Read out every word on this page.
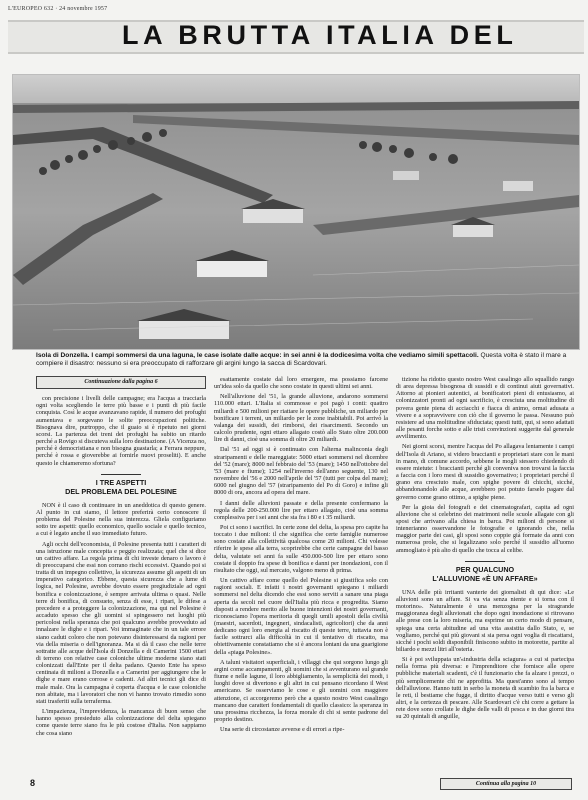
L'EUROPEO 632 · 24 novembre 1957
LA BRUTTA ITALIA DEL
Isola di Donzella. I campi sommersi da una laguna, le case isolate dalle acque: in sei anni è la dodicesima volta che vediamo simili spettacoli. Questa volta è stato il mare a compiere il disastro: nessuno si era preoccupato di rafforzare gli argini lungo la sacca di Scardovari.
Continuazione dalla pagina 6

con precisione i livelli delle campagne; era l'acqua a tracciarla ogni volta scegliendo le terre più basse e i punti di più facile conquista. Così le acque avanzavano rapide, il numero dei profughi aumentava e sorgevano le solite preoccupazioni politiche. Bisognava dire, purtroppo, che il guaio si è ripetuto nei giorni scorsi. La partenza dei treni dei profughi ha subito un ritardo perché a Rovigo si discuteva sulla loro destinazione. (A Vicenza no, perché è democristiana e non bisogna guastarla; a Ferrara neppure, perché è rossa e gioverebbe ai fornirle nuovi proseliti). E anche questo le chiameremo sfortuna?

I TRE ASPETTI
DEL PROBLEMA DEL POLESINE

NON è il caso di continuare in un aneddotica di questo genere. Al punto in cui siamo, il lettore preferirà certo conoscere il problema del Polesine nella sua interezza. Gliela configuriamo sotto tre aspetti: quello economico, quello sociale e quello tecnico, a cui è legato anche il suo immediato futuro.

Agli occhi dell'economista, il Polesine presenta tutti i caratteri di una istruzione male concepita e peggio realizzata; quel che si dice un cattivo affare. La regola prima di chi investe denaro o lavoro è di preoccuparsi che essi non corrano rischi eccessivi. Quando poi si tratta di un impegno collettivo, la sicurezza assume gli aspetti di un imperativo categorico. Ebbene, questa sicurezza che a lume di logica, nel Polesine, avrebbe dovuto essere pregiudiziale ad ogni bonifica e colonizzazione, è sempre arrivata ultima o quasi. Nelle terre di bonifica, di consueto, senza di esse, i ripari, le difese a precedere e a proteggere la colonizzazione, ma qui nel Polesine è accaduto spesso che gli uomini si spingessero nei luoghi più pericolosi nella speranza che poi qualcuno avrebbe provveduto ad innalzare le dighe e i ripari. Voi immaginate che in un tale errore siano caduti coloro che non potevano disinteressarsi da ragioni per via della miseria o dell'ignoranza. Ma si dà il caso che nelle terre sottratte alle acque dell'Isola di Donzella e di Camerini 1500 ettari di terreno con relative case coloniche ultime moderne siano stati colonizzati dall'Ente per il delta padano. Questo Ente ha speso centinaia di milioni a Donzella e a Camerini per aggiungere che le dighe e mare erano corrose e cadenti. Ad altri tecnici gli dice di male male. Ora la campagna è coperta d'acqua e le case coloniche non abitate, ma i lavoratori che non vi hanno trovato rimedio sono stati trasferiti sulla terraferma.

L'impazienza, l'imprevidenza, la mancanza di buon senso che hanno spesso presieduto alla colonizzazione del delta spiegano come queste terre siano fra le più costose d'Italia. Non sappiamo che cosa siano

esattamente costate dal loro emergere, ma possiamo farcene un'idea solo da quello che sono costate in questi ultimi sei anni.

Nell'alluvione del '51, la grande alluvione, andarono sommersi 110.000 ettari. L'Italia si commosse e poi pagò i conti: quattro miliardi e 500 milioni per riattare le opere pubbliche, un miliardo per bonificare i terreni, un miliardo per le zone inabitabili. Poi arrivò la valanga dei sussidi, dei rimborsi, dei risarcimenti. Secondo un calcolo prudente, ogni ettaro allagato costò allo Stato oltre 200.000 lire di danni, cioè una somma di oltre 20 miliardi.

Dal '51 ad oggi si è continuato con l'alterna malinconia degli straripamenti e delle mareggiate: 5000 ettari sommersi nel dicembre del '52 (mare); 8000 nel febbraio del '53 (mare); 1450 nell'ottobre del '53 (mare e fiume); 1254 nell'inverno dell'anno seguente, 130 nel novembre del '56 e 2000 nell'aprile del '57 (tutti per colpa del mare); 6000 nel giugno del '57 (straripamento del Po di Goro) e infine gli 8000 di ora, ancora ad opera del mare.

I danni delle alluvioni passate e della presente confermano la regola delle 200-250.000 lire per ettaro allagato, cioè una somma complessiva per i sei anni che sta fra i 80 e i 35 miliardi.

Poi ci sono i sacrifici. In certe zone del delta, la spesa pro capite ha toccato i due milioni: il che significa che certe famiglie numerose sono costate alla collettività qualcosa come 20 milioni. Chi volesse riferire le spese alla terra, scoprirebbe che certe campagne del basso delta, valutate sei anni fa sulle 450.000-500 lire per ettaro sono costate il doppio fra spese di bonifica e danni per inondazioni, con il risultato che oggi, sul mercato, valgono meno di prima.

Un cattivo affare come quello del Polesine si giustifica solo con ragioni sociali. E infatti i nostri governanti spiegano i miliardi sommersi nel delta dicendo che essi sono serviti a sanare una piaga aperta da secoli nel cuore dell'Italia più ricca e progredita. Siamo disposti a rendere merito alle buone intenzioni dei nostri governanti, riconosciamo l'opera meritoria di quegli umili apostoli della civiltà (maestri, sacerdoti, ingegneri, sindacalisti, agricoltori) che da anni dedicano ogni loro energia al riscatto di queste terre, tuttavia non è facile sottrarci alla difficoltà in cui il tentativo di riscatto, ma obiettivamente constatiamo che si è ancora lontani da una guarigione della «piaga Polesine».

A taluni visitatori superficiali, i villaggi che qui sorgono lungo gli argini come accampamenti, gli uomini che si avventurano sul grande fiume e nelle lagune, il loro abbigliamento, la semplicità dei modi, i luoghi dove si divertono e gli altri in cui pensano ricordano il West americano. Se osserviamo le cose e gli uomini con maggiore attenzione, ci accorgeremo però che a questo nostro West casalingo mancano due caratteri fondamentali di quello classico: la speranza in una prossima ricchezza, la forza morale di chi si sente padrone del proprio destino.

Una serie di circostanze avverse e di errori a ripe-

tizione ha ridotto questo nostro West casalingo allo squallido rango di area depressa bisognosa di sussidi e di continui aiuti governativi. Attorno ai pionieri autentici, ai bonificatori pieni di entusiasmo, ai colonizzatori pronti ad ogni sacrificio, è cresciuta una moltitudine di povera gente piena di acciacchi e fiacca di animo, ormai adusata a vivere e a sopravvivere con ciò che il governo le passa. Nessuno può resistere ad una moltitudine sfiduciata; questi tutti, qui, si sono adattati alle pesanti forche sotto e alle tristi convinzioni suggerite dal generale avvilimento.

Nei giorni scorsi, mentre l'acqua del Po allagava lentamente i campi dell'Isola di Ariano, si videro braccianti e proprietari stare con le mani in mano, di comune accordo, sebbene le mogli stessero chiedendo di essere mietute: i braccianti perché gli conveniva non trovarsi la faccia a faccia con i loro mesi di sussidio governativo; i proprietari perché il grano era cresciuto male, con spighe povere di chicchi, sicché, abbandonandolo alle acque, avrebbero poi potuto farselo pagare dal governo come grano ottimo, a spighe piene.

Per la gioia del fotografi e dei cinematografari, capita ad ogni alluvione che si celebrino dei matrimoni nelle scuole allagate con gli sposi che arrivano alla chiesa in barca. Poi milioni di persone si intenerianno osservandone le fotografie e ignorando che, nella maggior parte dei casi, gli sposi sono coppie già formate da anni con numerosa prole, che si legalizzano solo perché il sussidio all'uomo ammogliato è più alto di quello che tocca al celibe.

PER QUALCUNO
L'ALLUVIONE «È UN AFFARE»

UNA delle più irritanti vanterie dei giornalisti di qui dice: «Le alluvioni sono un affare. Si va via senza niente e si torna con il motorino». Naturalmente è una menzogna per la stragrande maggioranza degli alluvionati che dopo ogni inondazione si ritrovano alle prese con la loro miseria, ma esprime un certo modo di pensare, spiega una certa abitudine ad una vita assistita dallo Stato, e, se vogliamo, perché qui più giovani si sia persa ogni voglia di riscattarsi, sicché i pochi soldi disponibili finiscono subito in motorette, partite al biliardo e mezzi litri all'osteria.

Si è poi sviluppata un'«industria della sciagura» a cui si partecipa nella forma più diversa: e l'imprenditore che fornisce alle opere pubbliche materiali scadenti, c'è il funzionario che fa alzare i prezzi, o più semplicemente chi ne approfitta. Ma quest'anno sono al tempo dell'alluvione. Hanno tutti in serbo la moneta di scambio fra la barca e le reti, il bestiame che fugge, il diritto d'acque verso tutti e verso gli altri, e la certezza di pescare. Alle Scardovari c'è chi corre a gettare la rete dove sono crollate le dighe delle valli di pesca e in due giorni tira su 20 quintali di anguille,

Continua alla pagina 10
8
